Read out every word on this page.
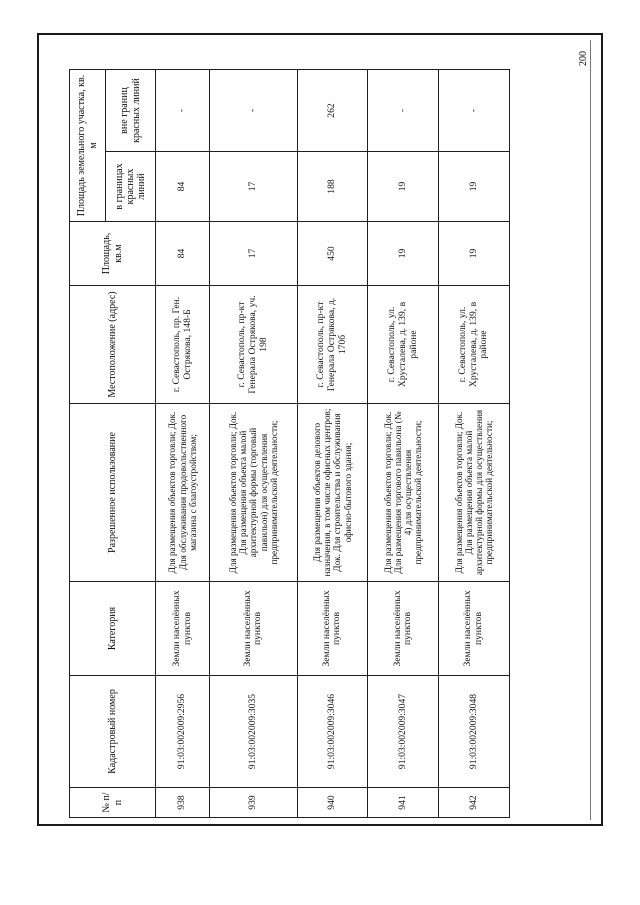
200
№ п/п	Кадастровый номер	Категория	Разрешенное использование	Местоположение (адрес)	Площадь, кв.м	Площадь земельного участка, кв. м	
						в границах красных линий	вне границ красных линий
938	91:03:002009:2956	Земли населённых пунктов	Для размещения объектов торговли; Док. Для обслуживания продовольственного магазина с благоустройством;	г. Севастополь, пр. Ген. Острякова, 148-Б	84	84	-
939	91:03:002009:3035	Земли населённых пунктов	Для размещения объектов торговли; Док. Для размещения объекта малой архитектурной формы (торговый павильон) для осуществления предпринимательской деятельности;	г. Севастополь, пр-кт Генерала Острякова, уч. 198	17	17	-
940	91:03:002009:3046	Земли населённых пунктов	Для размещения объектов делового назначения, в том числе офисных центров; Док. Для строительства и обслуживания офисно-бытового здания;	г. Севастополь, пр-кт Генерала Острякова, д. 170б	450	188	262
941	91:03:002009:3047	Земли населённых пунктов	Для размещения объектов торговли; Док. Для размещения торгового павильона (№ 4) для осуществления предпринимательской деятельности;	г. Севастополь, ул. Хрусталева, д. 139, в районе	19	19	-
942	91:03:002009:3048	Земли населённых пунктов	Для размещения объектов торговли; Док. Для размещения объекта малой архитектурной формы для осуществления предпринимательской деятельности;	г. Севастополь, ул. Хрусталева, д. 139, в районе	19	19	-
